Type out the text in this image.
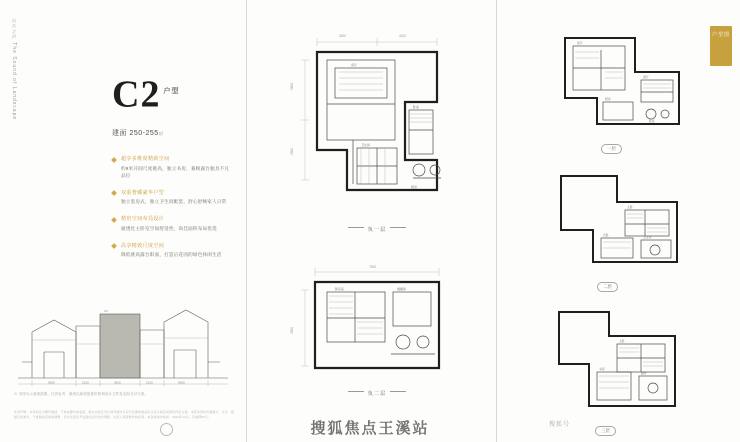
山水之声 The Sound of Landscape	C2 户型
建面 250-255㎡
超享多维度精致空间
约9米开间尺度挑高，独立书房，兼顾露台独具不凡品位
双重奢藏豪华户型
独立套房式，独立卫生间配套，舒心舒畅家人日常
精密空间布局设计
通透化主卧室空间舒适性，尚佳面积布局优选
高享精致尺度空间
降低挑高露台阳面，打造后花园的绿色休闲生活
3900	2100	3600	2100	3900
C2
※ 本图为示意剖面图，仅供参考，最终以政府批准的规划设计文件及实际交付为准。
免责声明：本资料仅为要约邀请，不构成要约或承诺，相关内容及设计细节最终以双方签署的商品房买卖合同及其附件约定为准。本宣传资料所载图片、文字、数据仅供参考，不排除政府规划调整、设计变更及开发商依法所作的调整，出卖人保留修改的权利。本资料制作时间：2021年12月，有效期30天。
3400	4100
2600
1800
客厅
卧室
卫生间
厨房
负一层
7500
3300
影音室	储藏间
负二层
户型图
客厅
餐厅
厨房
卧室
一层
主卧
次卧	卫生间
二层
主卧
书房
露台
三层
搜狐号
搜狐焦点王溪站
